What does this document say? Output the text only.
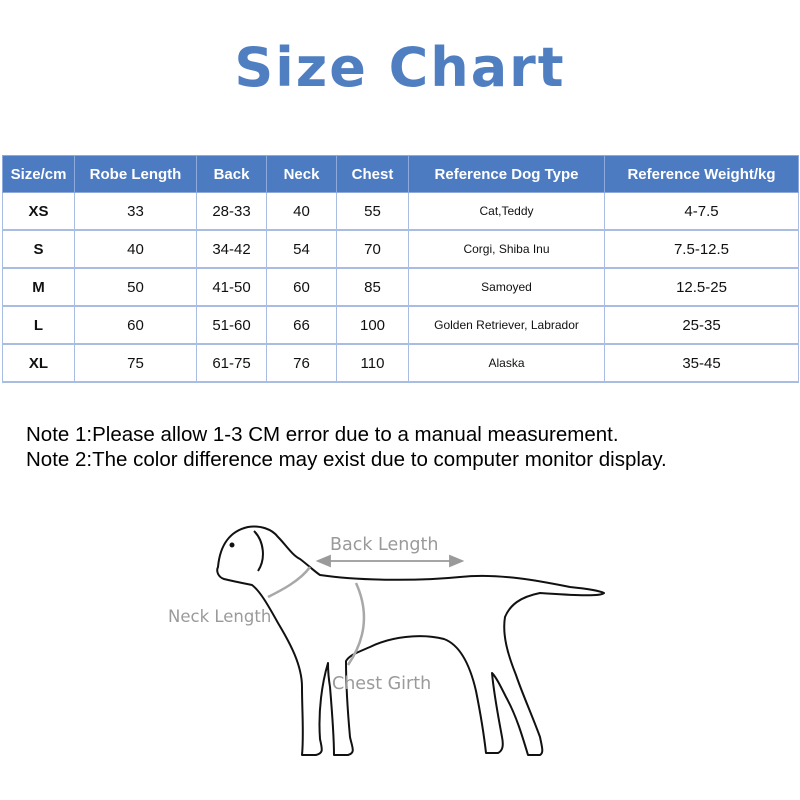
Size Chart
Size/cm	Robe Length	Back	Neck	Chest	Reference Dog Type	Reference Weight/kg
XS	33	28-33	40	55	Cat,Teddy	4-7.5
S	40	34-42	54	70	Corgi, Shiba Inu	7.5-12.5
M	50	41-50	60	85	Samoyed	12.5-25
L	60	51-60	66	100	Golden Retriever, Labrador	25-35
XL	75	61-75	76	110	Alaska	35-45
Note 1:Please allow 1-3 CM error due to a manual measurement.
Note 2:The color difference may exist due to computer monitor display.
Back Length
Neck Length
Chest Girth
